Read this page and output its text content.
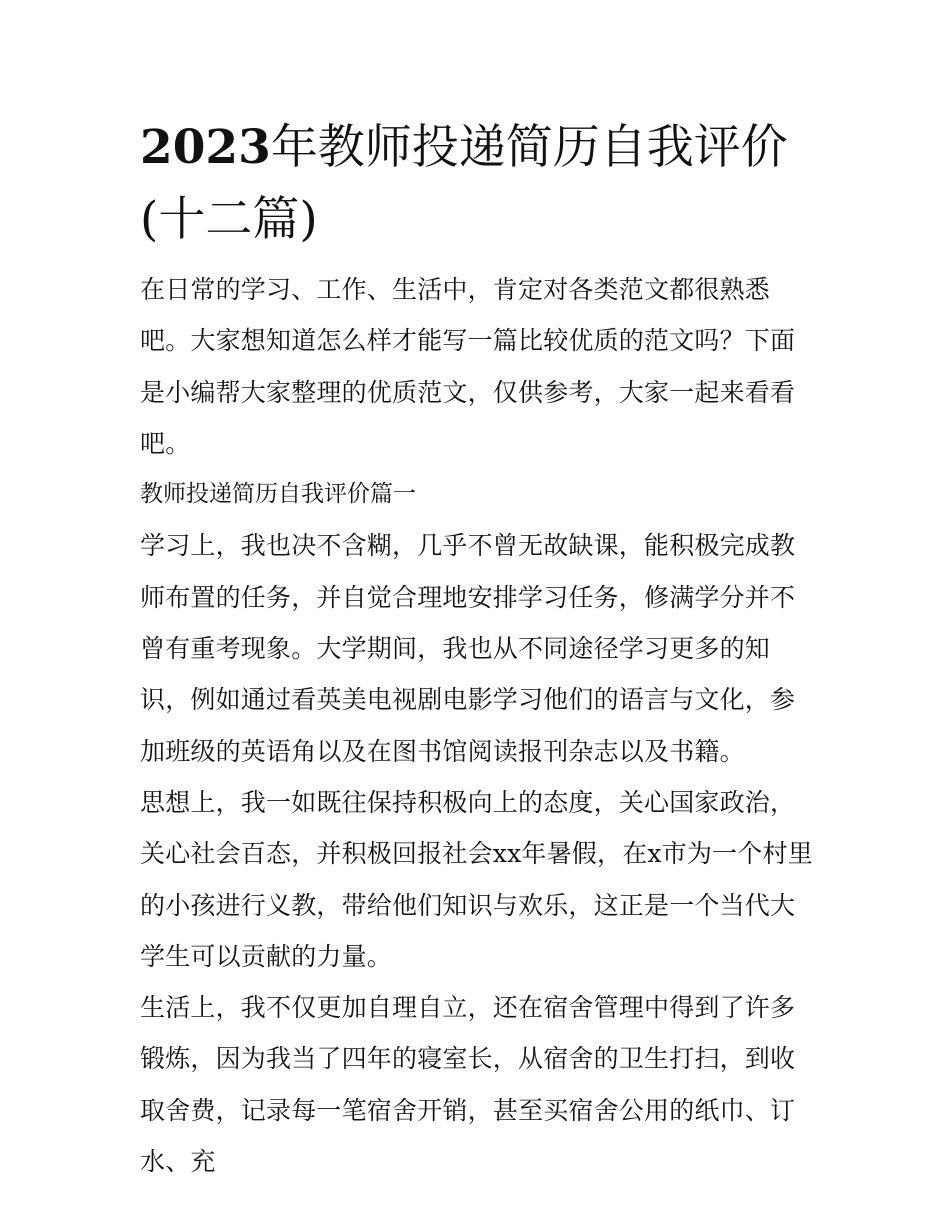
2023年教师投递简历自我评价(十二篇)

在日常的学习、工作、生活中，肯定对各类范文都很熟悉吧。大家想知道怎么样才能写一篇比较优质的范文吗？下面是小编帮大家整理的优质范文，仅供参考，大家一起来看看吧。

教师投递简历自我评价篇一

学习上，我也决不含糊，几乎不曾无故缺课，能积极完成教师布置的任务，并自觉合理地安排学习任务，修满学分并不曾有重考现象。大学期间，我也从不同途径学习更多的知识，例如通过看英美电视剧电影学习他们的语言与文化，参加班级的英语角以及在图书馆阅读报刊杂志以及书籍。

思想上，我一如既往保持积极向上的态度，关心国家政治，关心社会百态，并积极回报社会xx年暑假，在x市为一个村里的小孩进行义教，带给他们知识与欢乐，这正是一个当代大学生可以贡献的力量。

生活上，我不仅更加自理自立，还在宿舍管理中得到了许多锻炼，因为我当了四年的寝室长，从宿舍的卫生打扫，到收取舍费，记录每一笔宿舍开销，甚至买宿舍公用的纸巾、订水、充
